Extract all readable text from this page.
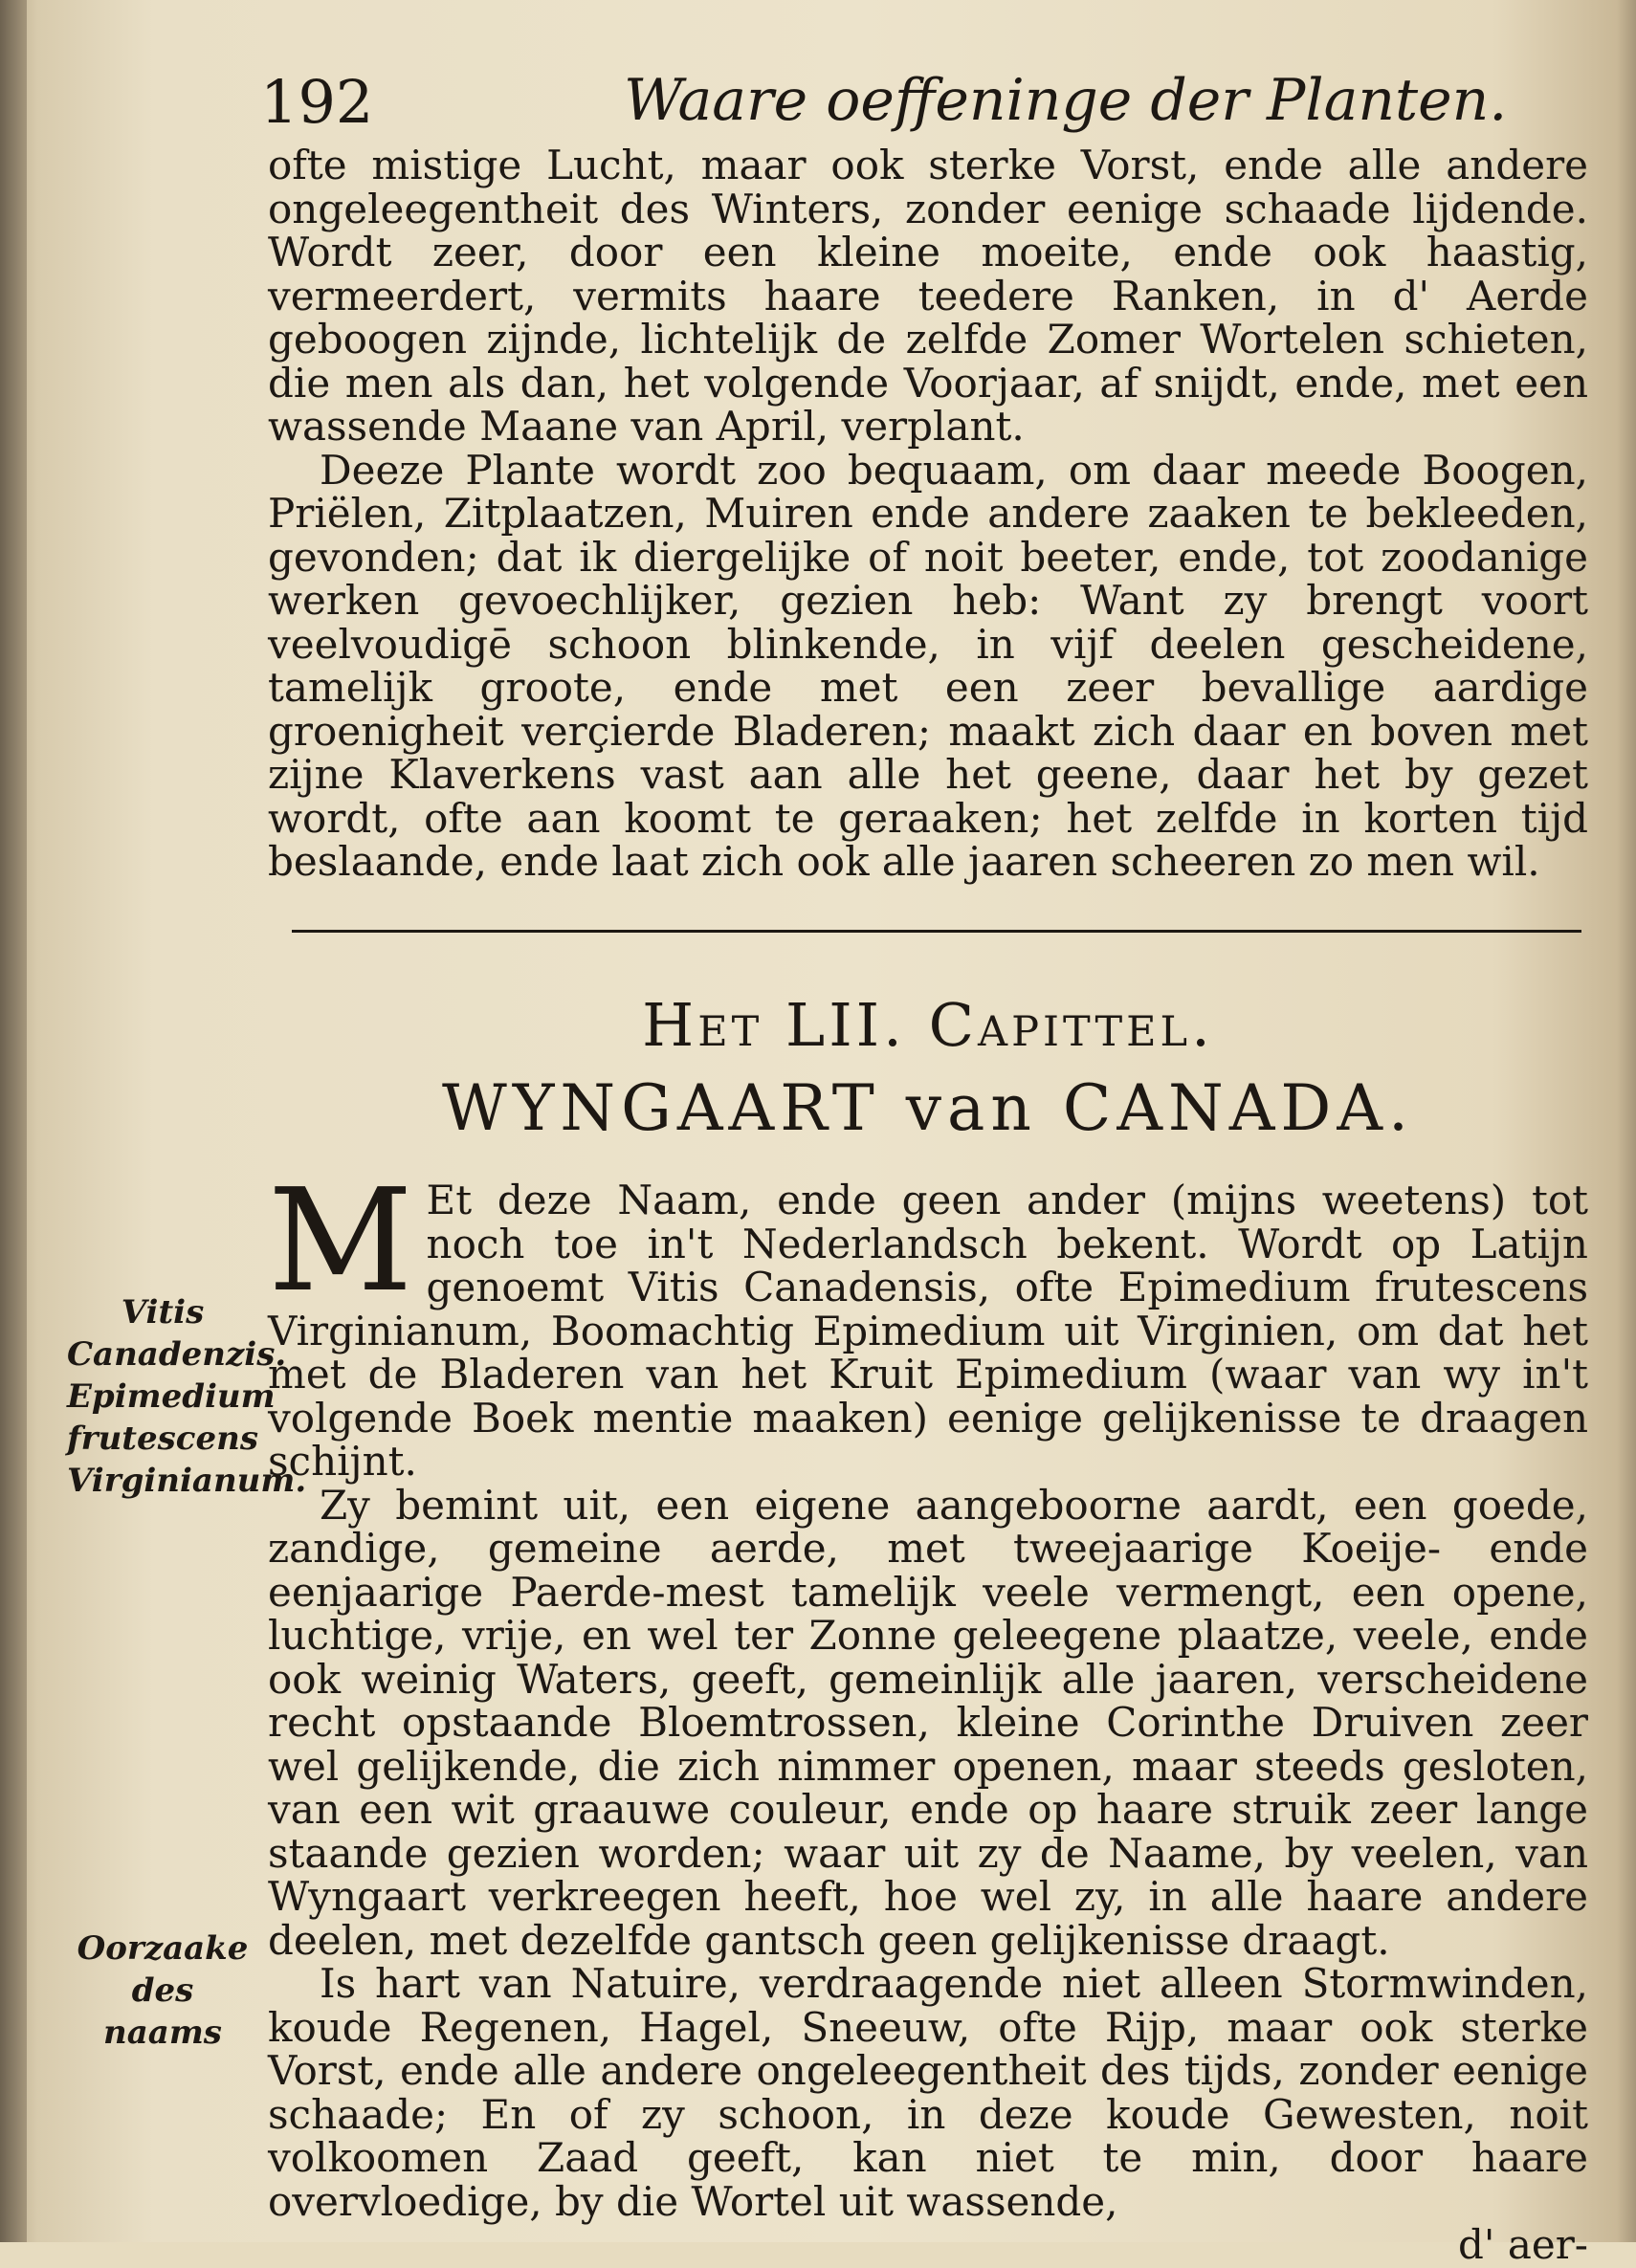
192	Waare oeffeninge der Planten.

ofte mistige Lucht, maar ook sterke Vorst, ende alle andere ongeleegentheit des Winters, zonder eenige schaade lijdende. Wordt zeer, door een kleine moeite, ende ook haastig, vermeerdert, vermits haare teedere Ranken, in d' Aerde geboogen zijnde, lichtelijk de zelfde Zomer Wortelen schieten, die men als dan, het volgende Voorjaar, af snijdt, ende, met een wassende Maane van April, verplant.

Deeze Plante wordt zoo bequaam, om daar meede Boogen, Priëlen, Zitplaatzen, Muiren ende andere zaaken te bekleeden, gevonden; dat ik diergelijke of noit beeter, ende, tot zoodanige werken gevoechlijker, gezien heb: Want zy brengt voort veelvoudigē schoon blinkende, in vijf deelen gescheidene, tamelijk groote, ende met een zeer bevallige aardige groenigheit verçierde Bladeren; maakt zich daar en boven met zijne Klaverkens vast aan alle het geene, daar het by gezet wordt, ofte aan koomt te geraaken; het zelfde in korten tijd beslaande, ende laat zich ook alle jaaren scheeren zo men wil.

Het LII. Capittel.
WYNGAART van CANADA.

M Et deze Naam, ende geen ander (mijns weetens) tot noch toe in't Nederlandsch bekent. Wordt op Latijn genoemt Vitis Canadensis, ofte Epimedium frutescens Virginianum, Boomachtig Epimedium uit Virginien, om dat het met de Bladeren van het Kruit Epimedium (waar van wy in't volgende Boek mentie maaken) eenige gelijkenisse te draagen schijnt.

Zy bemint uit, een eigene aangeboorne aardt, een goede, zandige, gemeine aerde, met tweejaarige Koeije- ende eenjaarige Paerde-mest tamelijk veele vermengt, een opene, luchtige, vrije, en wel ter Zonne geleegene plaatze, veele, ende ook weinig Waters, geeft, gemeinlijk alle jaaren, verscheidene recht opstaande Bloemtrossen, kleine Corinthe Druiven zeer wel gelijkende, die zich nimmer openen, maar steeds gesloten, van een wit graauwe couleur, ende op haare struik zeer lange staande gezien worden; waar uit zy de Naame, by veelen, van Wyngaart verkreegen heeft, hoe wel zy, in alle haare andere deelen, met dezelfde gantsch geen gelijkenisse draagt.

Is hart van Natuire, verdraagende niet alleen Stormwinden, koude Regenen, Hagel, Sneeuw, ofte Rijp, maar ook sterke Vorst, ende alle andere ongeleegentheit des tijds, zonder eenige schaade; En of zy schoon, in deze koude Gewesten, noit volkoomen Zaad geeft, kan niet te min, door haare overvloedige, by die Wortel uit wassende,

d' aer-

Vitis Canadenzis. Epimedium frutescens Virginianum.
Oorzaake des naams
